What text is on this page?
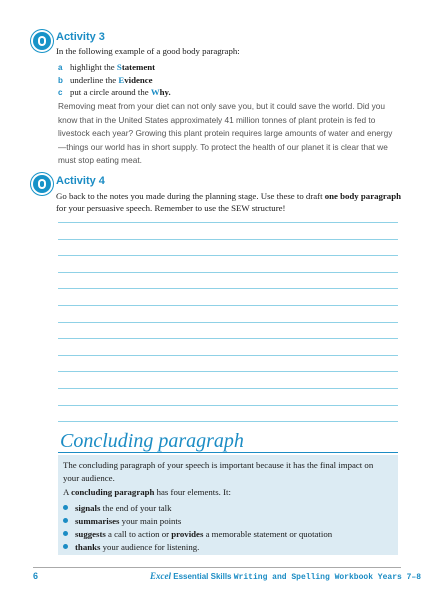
Activity 3
In the following example of a good body paragraph:
a highlight the Statement
b underline the Evidence
c put a circle around the Why.
Removing meat from your diet can not only save you, but it could save the world. Did you know that in the United States approximately 41 million tonnes of plant protein is fed to livestock each year? Growing this plant protein requires large amounts of water and energy—things our world has in short supply. To protect the health of our planet it is clear that we must stop eating meat.
Activity 4
Go back to the notes you made during the planning stage. Use these to draft one body paragraph for your persuasive speech. Remember to use the SEW structure!
Concluding paragraph
The concluding paragraph of your speech is important because it has the final impact on your audience.
A concluding paragraph has four elements. It:
signals the end of your talk
summarises your main points
suggests a call to action or provides a memorable statement or quotation
thanks your audience for listening.
6	Excel Essential Skills Writing and Spelling Workbook Years 7–8
